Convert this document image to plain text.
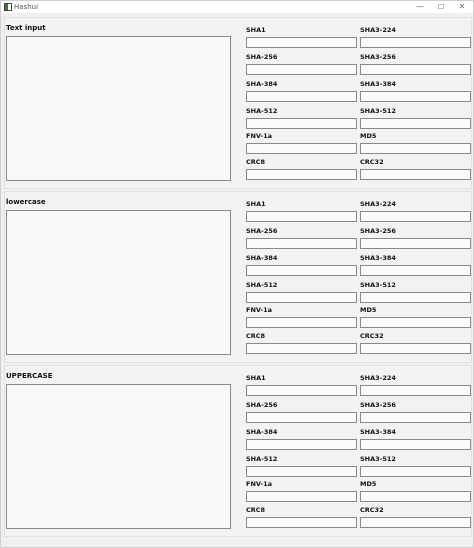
Hashui	—	☐	✕
Text input	SHA1	SHA3-224
SHA-256	SHA3-256
SHA-384	SHA3-384
SHA-512	SHA3-512
FNV-1a	MD5
CRC8	CRC32
lowercase	SHA1	SHA3-224
SHA-256	SHA3-256
SHA-384	SHA3-384
SHA-512	SHA3-512
FNV-1a	MD5
CRC8	CRC32
UPPERCASE	SHA1	SHA3-224
SHA-256	SHA3-256
SHA-384	SHA3-384
SHA-512	SHA3-512
FNV-1a	MD5
CRC8	CRC32
